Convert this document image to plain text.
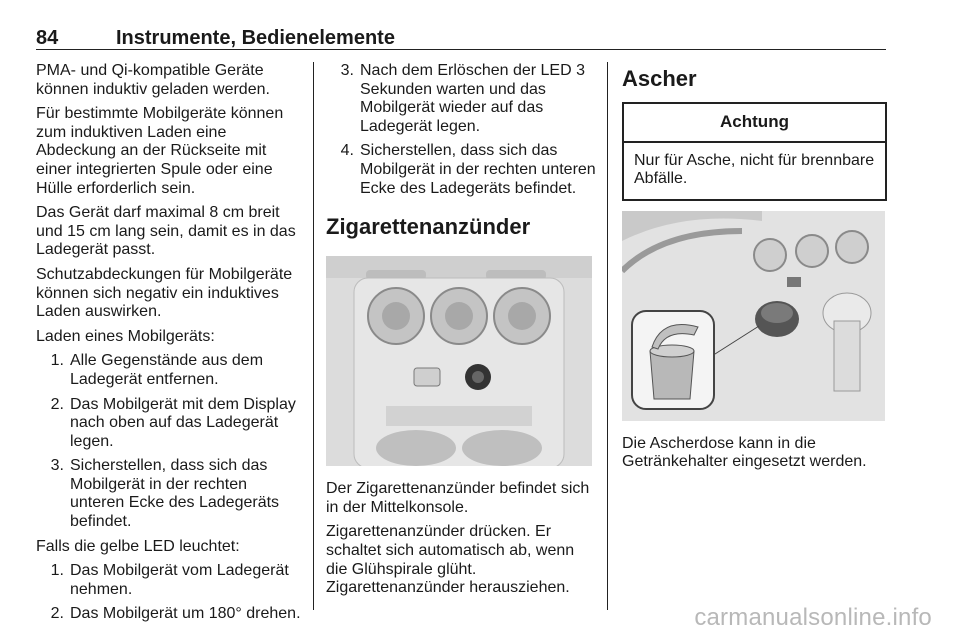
84	Instrumente, Bedienelemente

PMA- und Qi-kompatible Geräte können induktiv geladen werden.

Für bestimmte Mobilgeräte können zum induktiven Laden eine Abdeckung an der Rückseite mit einer integrierten Spule oder eine Hülle erforderlich sein.

Das Gerät darf maximal 8 cm breit und 15 cm lang sein, damit es in das Ladegerät passt.

Schutzabdeckungen für Mobilgeräte können sich negativ ein induktives Laden auswirken.

Laden eines Mobilgeräts:

1. Alle Gegenstände aus dem Ladegerät entfernen.
2. Das Mobilgerät mit dem Display nach oben auf das Ladegerät legen.
3. Sicherstellen, dass sich das Mobilgerät in der rechten unteren Ecke des Ladegeräts befindet.

Falls die gelbe LED leuchtet:

1. Das Mobilgerät vom Ladegerät nehmen.
2. Das Mobilgerät um 180° drehen.
3. Nach dem Erlöschen der LED 3 Sekunden warten und das Mobilgerät wieder auf das Ladegerät legen.
4. Sicherstellen, dass sich das Mobilgerät in der rechten unteren Ecke des Ladegeräts befindet.
Zigarettenanzünder

Der Zigarettenanzünder befindet sich in der Mittelkonsole.

Zigarettenanzünder drücken. Er schaltet sich automatisch ab, wenn die Glühspirale glüht. Zigarettenanzünder herausziehen.

Ascher
Achtung
Nur für Asche, nicht für brennbare Abfälle.

Die Ascherdose kann in die Getränkehalter eingesetzt werden.

carmanualsonline.info
